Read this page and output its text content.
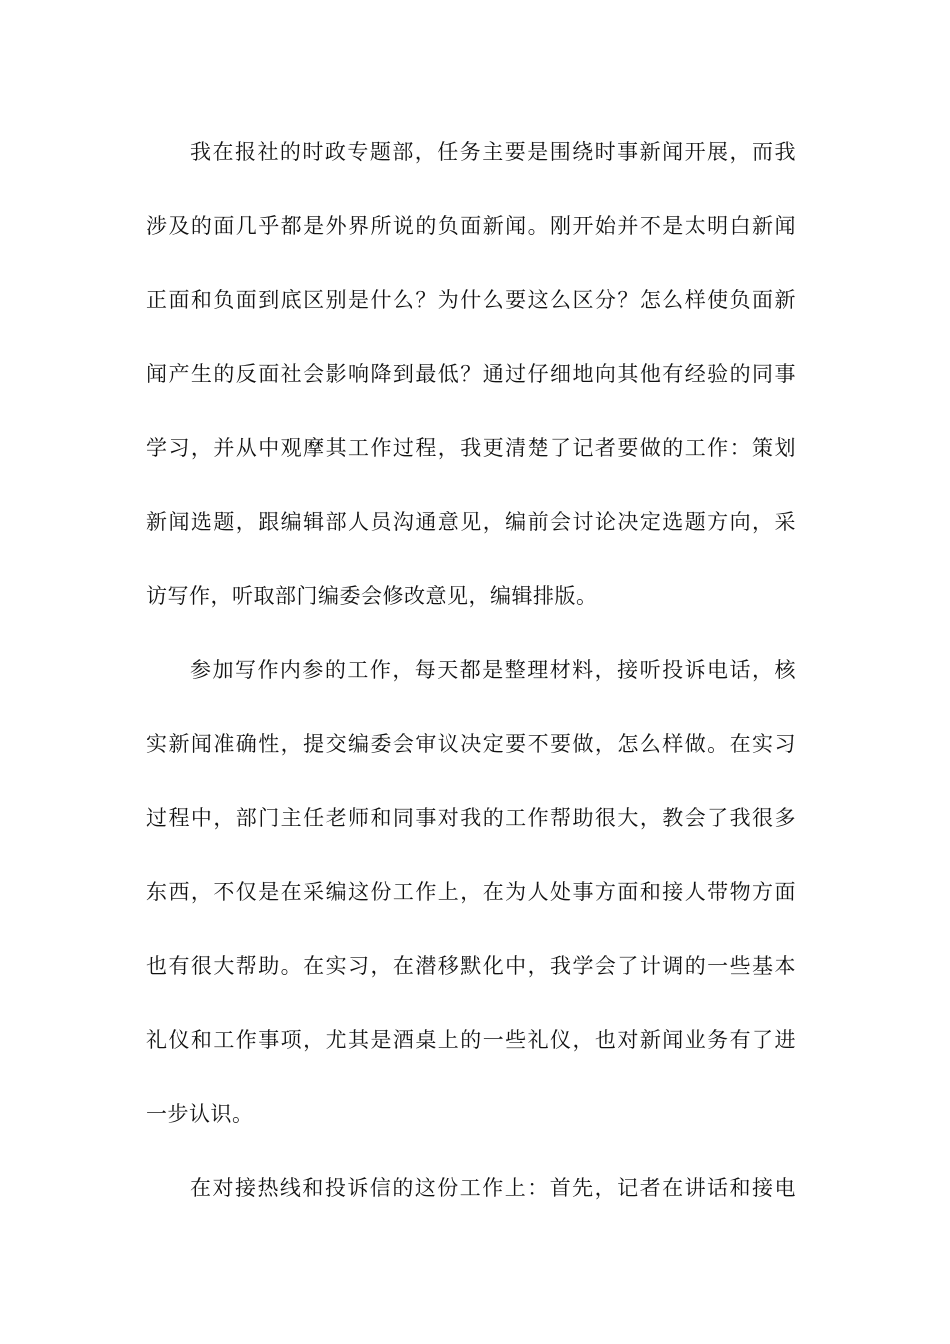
我在报社的时政专题部，任务主要是围绕时事新闻开展，而我
涉及的面几乎都是外界所说的负面新闻。刚开始并不是太明白新闻
正面和负面到底区别是什么？为什么要这么区分？怎么样使负面新
闻产生的反面社会影响降到最低？通过仔细地向其他有经验的同事
学习，并从中观摩其工作过程，我更清楚了记者要做的工作：策划
新闻选题，跟编辑部人员沟通意见，编前会讨论决定选题方向，采
访写作，听取部门编委会修改意见，编辑排版。
参加写作内参的工作，每天都是整理材料，接听投诉电话，核
实新闻准确性，提交编委会审议决定要不要做，怎么样做。在实习
过程中，部门主任老师和同事对我的工作帮助很大，教会了我很多
东西，不仅是在采编这份工作上，在为人处事方面和接人带物方面
也有很大帮助。在实习，在潜移默化中，我学会了计调的一些基本
礼仪和工作事项，尤其是酒桌上的一些礼仪，也对新闻业务有了进
一步认识。
在对接热线和投诉信的这份工作上：首先，记者在讲话和接电
